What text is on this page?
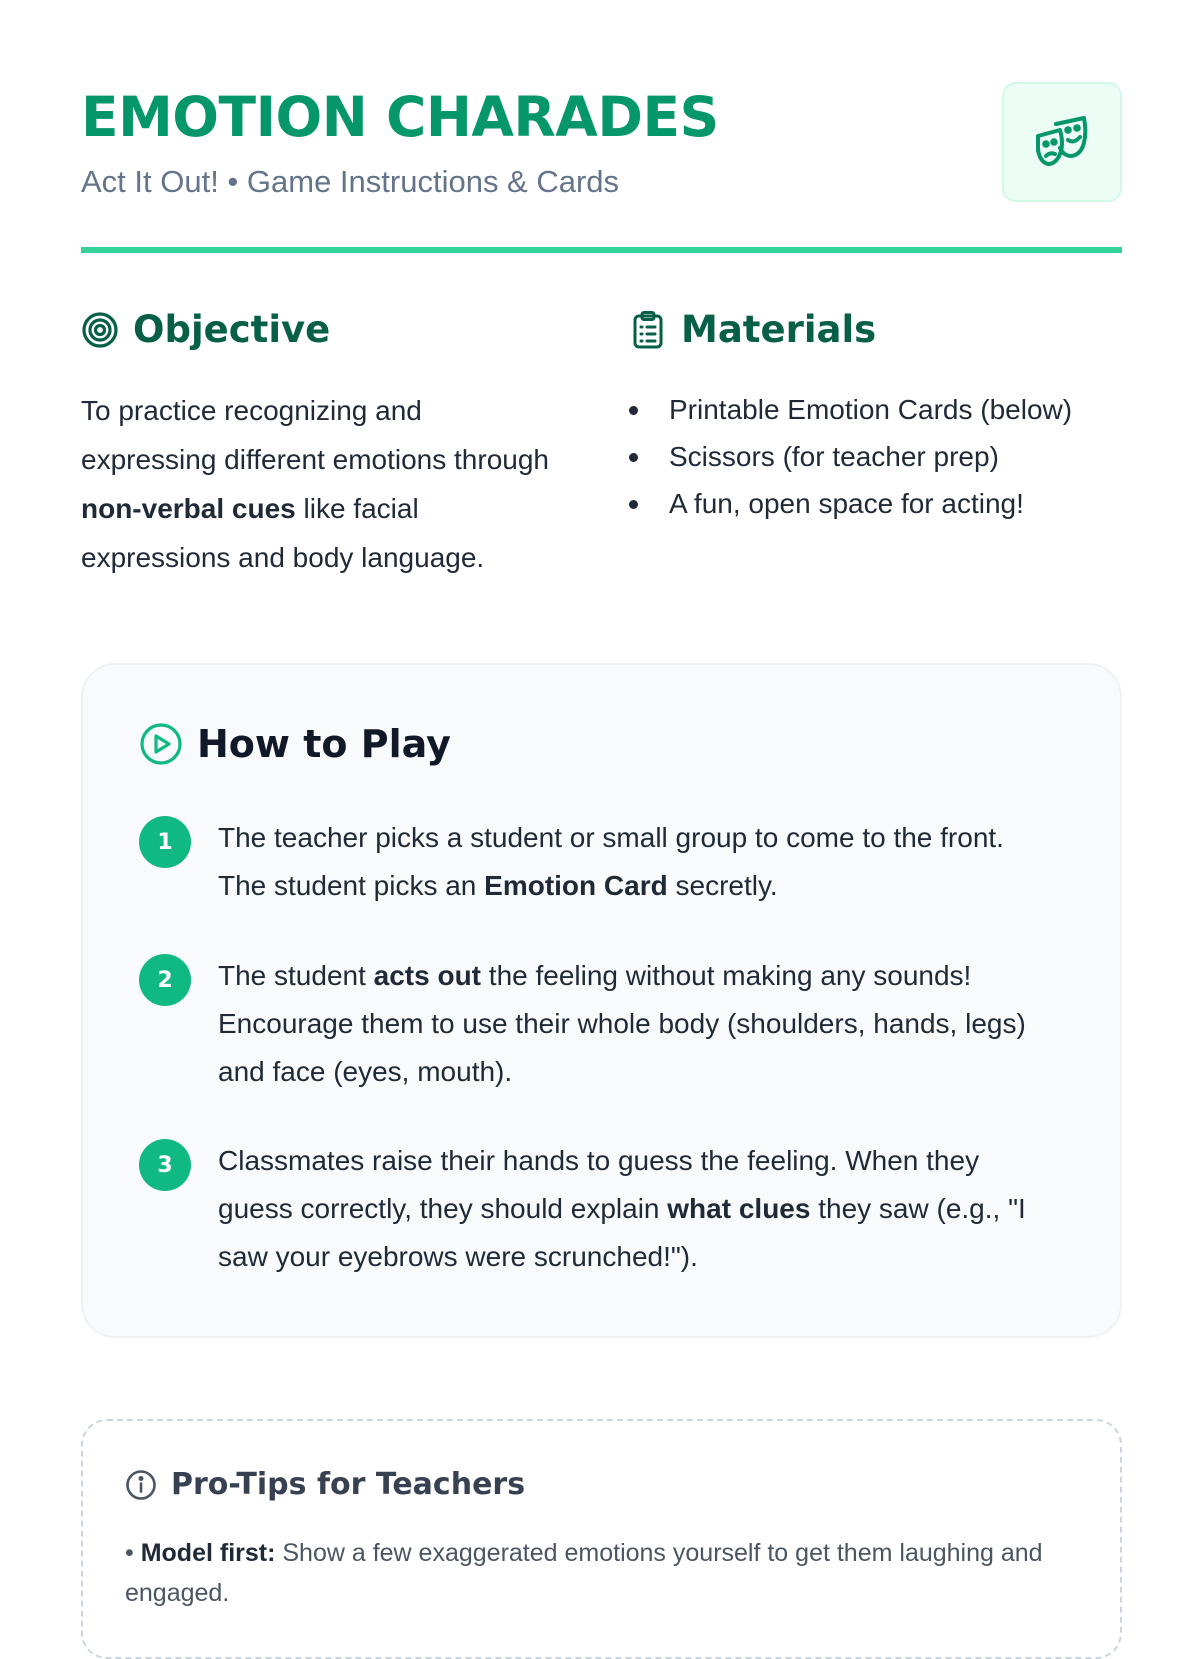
EMOTION CHARADES

Act It Out! • Game Instructions & Cards

Objective

To practice recognizing and expressing different emotions through non-verbal cues like facial expressions and body language.

Materials
Printable Emotion Cards (below)
Scissors (for teacher prep)
A fun, open space for acting!
How to Play
1	The teacher picks a student or small group to come to the front. The student picks an Emotion Card secretly.

2	The student acts out the feeling without making any sounds! Encourage them to use their whole body (shoulders, hands, legs) and face (eyes, mouth).

3	Classmates raise their hands to guess the feeling. When they guess correctly, they should explain what clues they saw (e.g., "I saw your eyebrows were scrunched!").

Pro-Tips for Teachers

• Model first: Show a few exaggerated emotions yourself to get them laughing and engaged.
